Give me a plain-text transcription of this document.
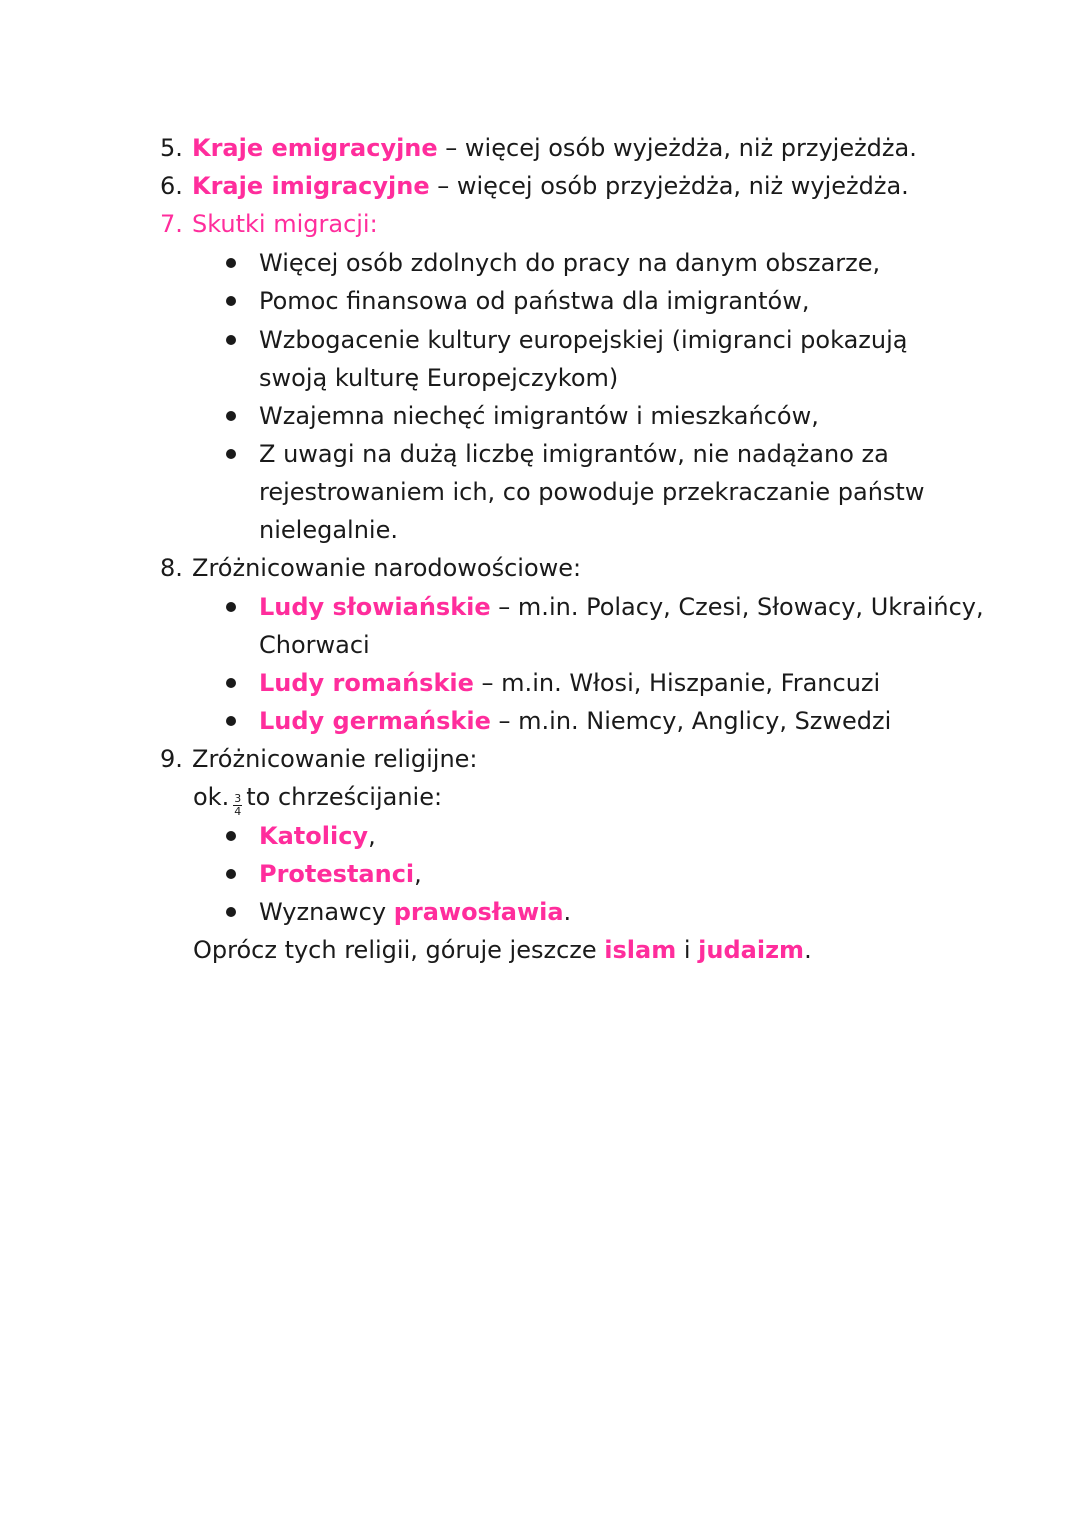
5. Kraje emigracyjne – więcej osób wyjeżdża, niż przyjeżdża.
6. Kraje imigracyjne – więcej osób przyjeżdża, niż wyjeżdża.
7. Skutki migracji:
Więcej osób zdolnych do pracy na danym obszarze,
Pomoc finansowa od państwa dla imigrantów,
Wzbogacenie kultury europejskiej (imigranci pokazują
swoją kulturę Europejczykom)
Wzajemna niechęć imigrantów i mieszkańców,
Z uwagi na dużą liczbę imigrantów, nie nadążano za
rejestrowaniem ich, co powoduje przekraczanie państw
nielegalnie.
8. Zróżnicowanie narodowościowe:
Ludy słowiańskie – m.in. Polacy, Czesi, Słowacy, Ukraińcy,
Chorwaci
Ludy romańskie – m.in. Włosi, Hiszpanie, Francuzi
Ludy germańskie – m.in. Niemcy, Anglicy, Szwedzi
9. Zróżnicowanie religijne:
ok. $\frac{3}{4}$ to chrześcijanie:
Katolicy,
Protestanci,
Wyznawcy prawosławia.
Oprócz tych religii, góruje jeszcze islam i judaizm.
